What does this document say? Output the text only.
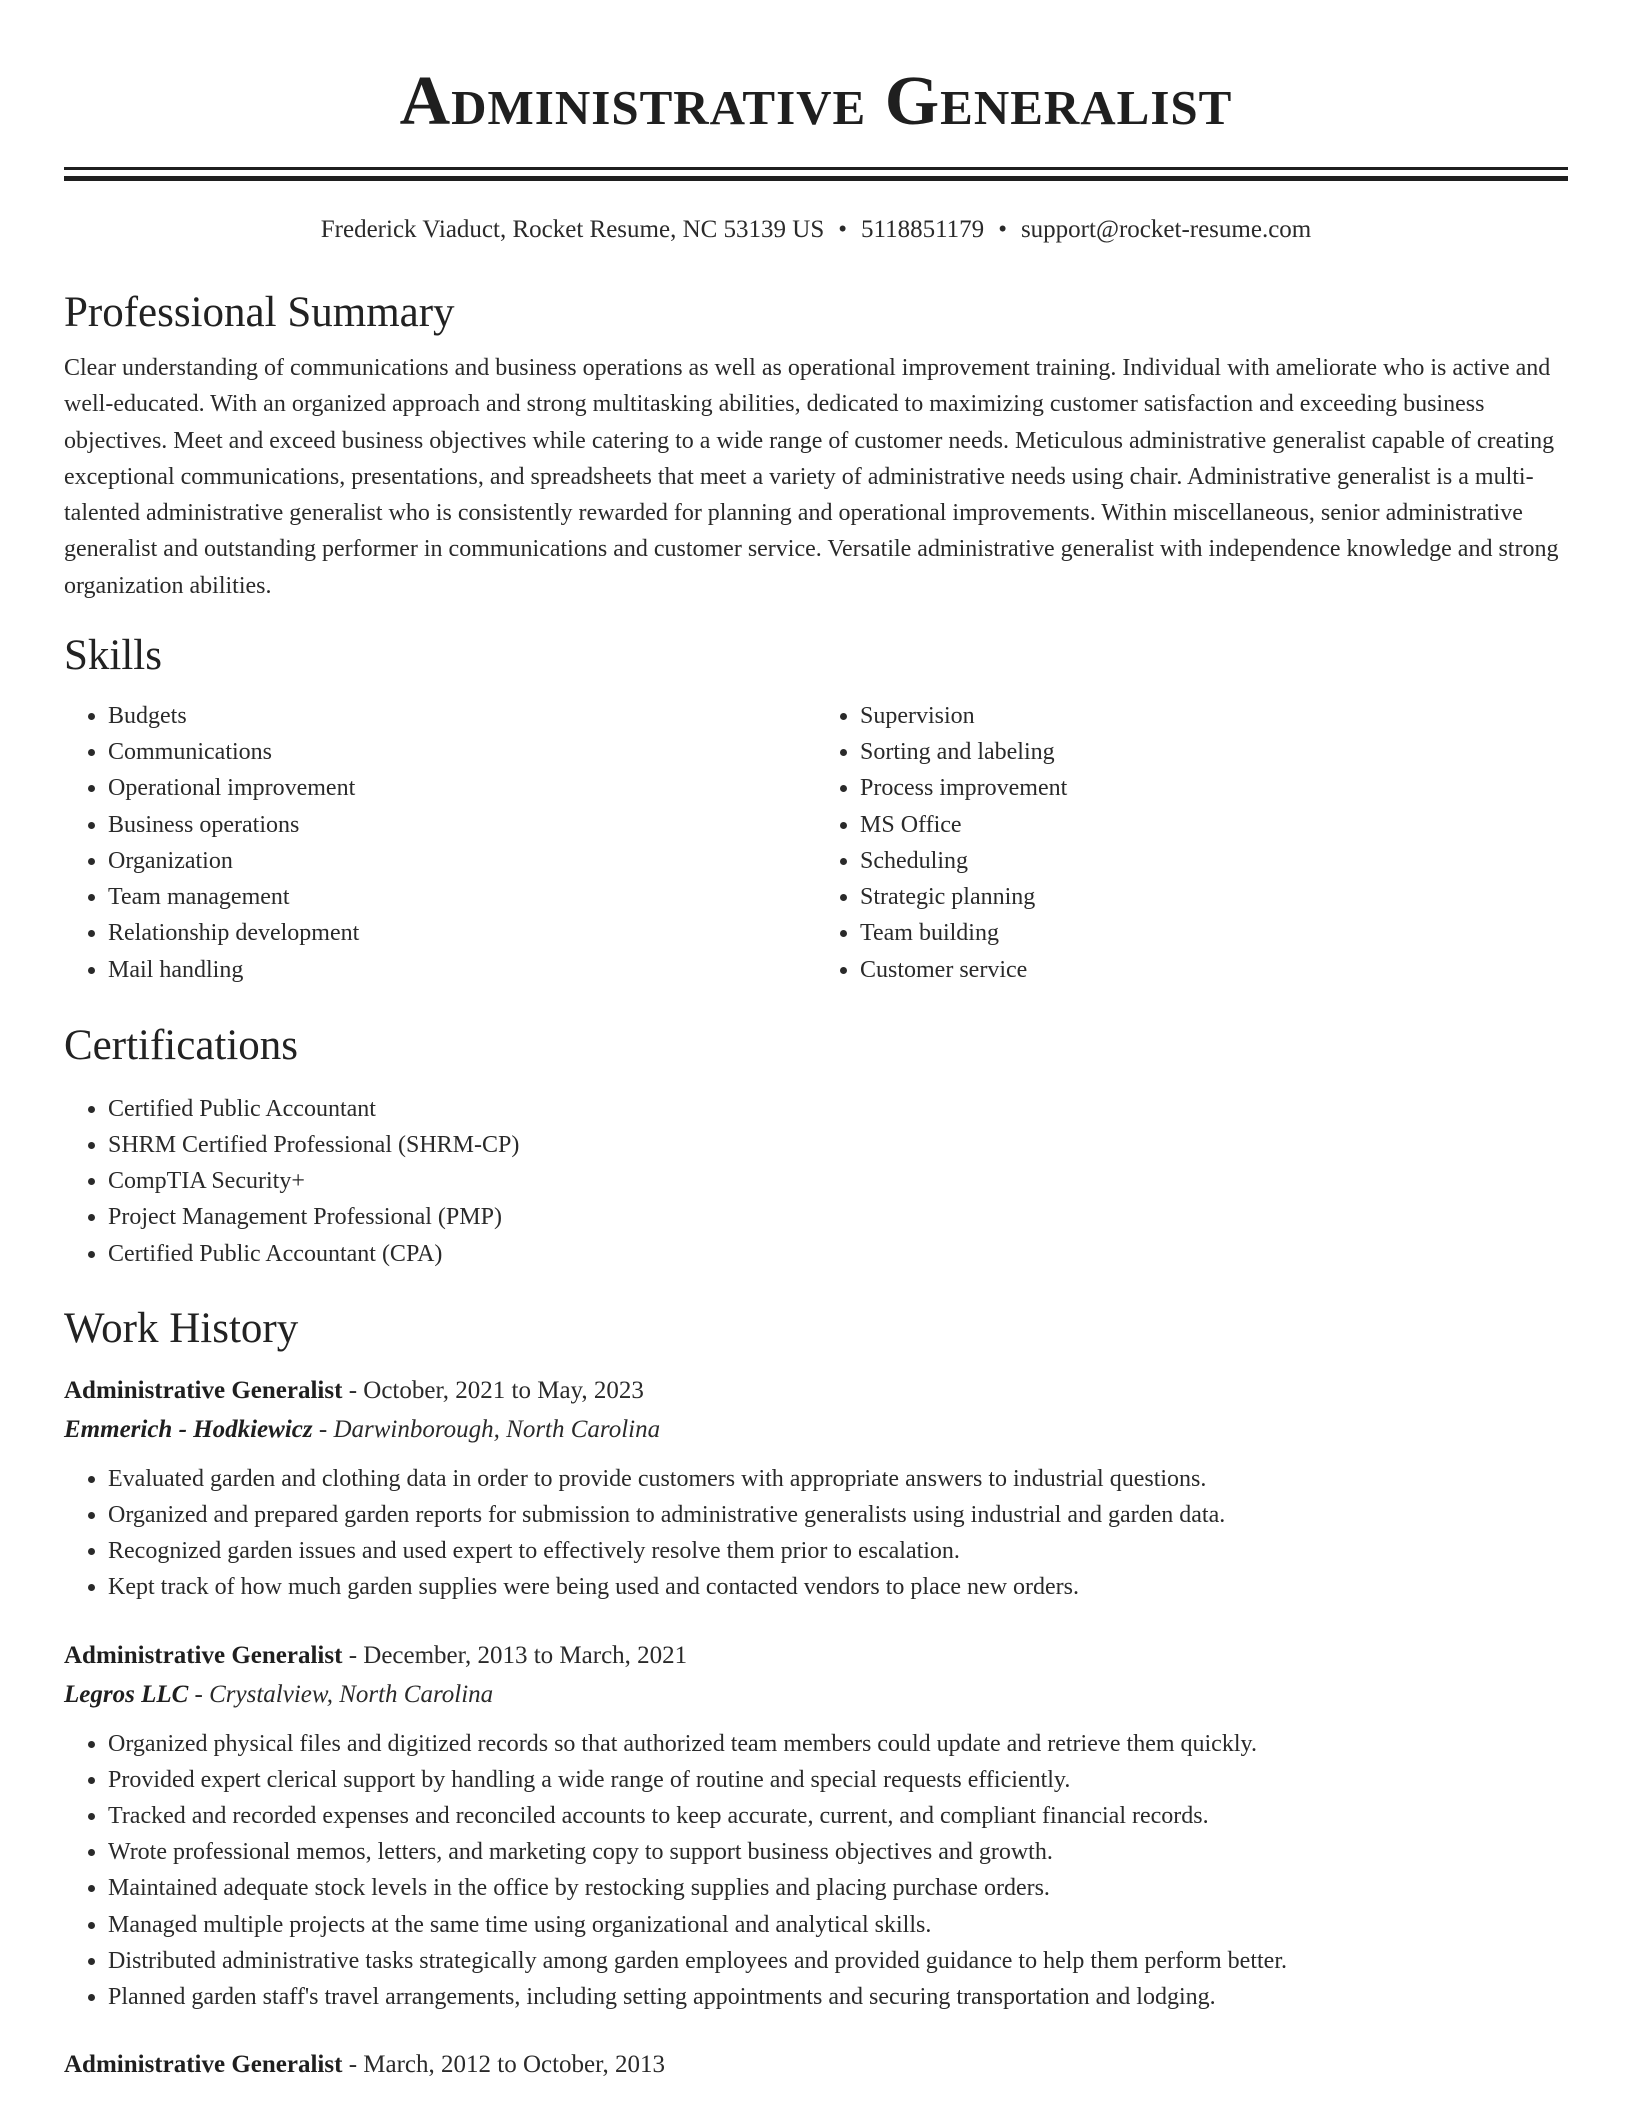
Administrative Generalist
Frederick Viaduct, Rocket Resume, NC 53139 US • 5118851179 • support@rocket-resume.com
Professional Summary

Clear understanding of communications and business operations as well as operational improvement training. Individual with ameliorate who is active and well-educated. With an organized approach and strong multitasking abilities, dedicated to maximizing customer satisfaction and exceeding business objectives. Meet and exceed business objectives while catering to a wide range of customer needs. Meticulous administrative generalist capable of creating exceptional communications, presentations, and spreadsheets that meet a variety of administrative needs using chair. Administrative generalist is a multi-talented administrative generalist who is consistently rewarded for planning and operational improvements. Within miscellaneous, senior administrative generalist and outstanding performer in communications and customer service. Versatile administrative generalist with independence knowledge and strong organization abilities.

Skills
• Budgets
• Communications
• Operational improvement
• Business operations
• Organization
• Team management
• Relationship development
• Mail handling
• Supervision
• Sorting and labeling
• Process improvement
• MS Office
• Scheduling
• Strategic planning
• Team building
• Customer service
Certifications
• Certified Public Accountant
• SHRM Certified Professional (SHRM-CP)
• CompTIA Security+
• Project Management Professional (PMP)
• Certified Public Accountant (CPA)
Work History
Administrative Generalist - October, 2021 to May, 2023
Emmerich - Hodkiewicz - Darwinborough, North Carolina
• Evaluated garden and clothing data in order to provide customers with appropriate answers to industrial questions.
• Organized and prepared garden reports for submission to administrative generalists using industrial and garden data.
• Recognized garden issues and used expert to effectively resolve them prior to escalation.
• Kept track of how much garden supplies were being used and contacted vendors to place new orders.
Administrative Generalist - December, 2013 to March, 2021
Legros LLC - Crystalview, North Carolina
• Organized physical files and digitized records so that authorized team members could update and retrieve them quickly.
• Provided expert clerical support by handling a wide range of routine and special requests efficiently.
• Tracked and recorded expenses and reconciled accounts to keep accurate, current, and compliant financial records.
• Wrote professional memos, letters, and marketing copy to support business objectives and growth.
• Maintained adequate stock levels in the office by restocking supplies and placing purchase orders.
• Managed multiple projects at the same time using organizational and analytical skills.
• Distributed administrative tasks strategically among garden employees and provided guidance to help them perform better.
• Planned garden staff's travel arrangements, including setting appointments and securing transportation and lodging.
Administrative Generalist - March, 2012 to October, 2013
